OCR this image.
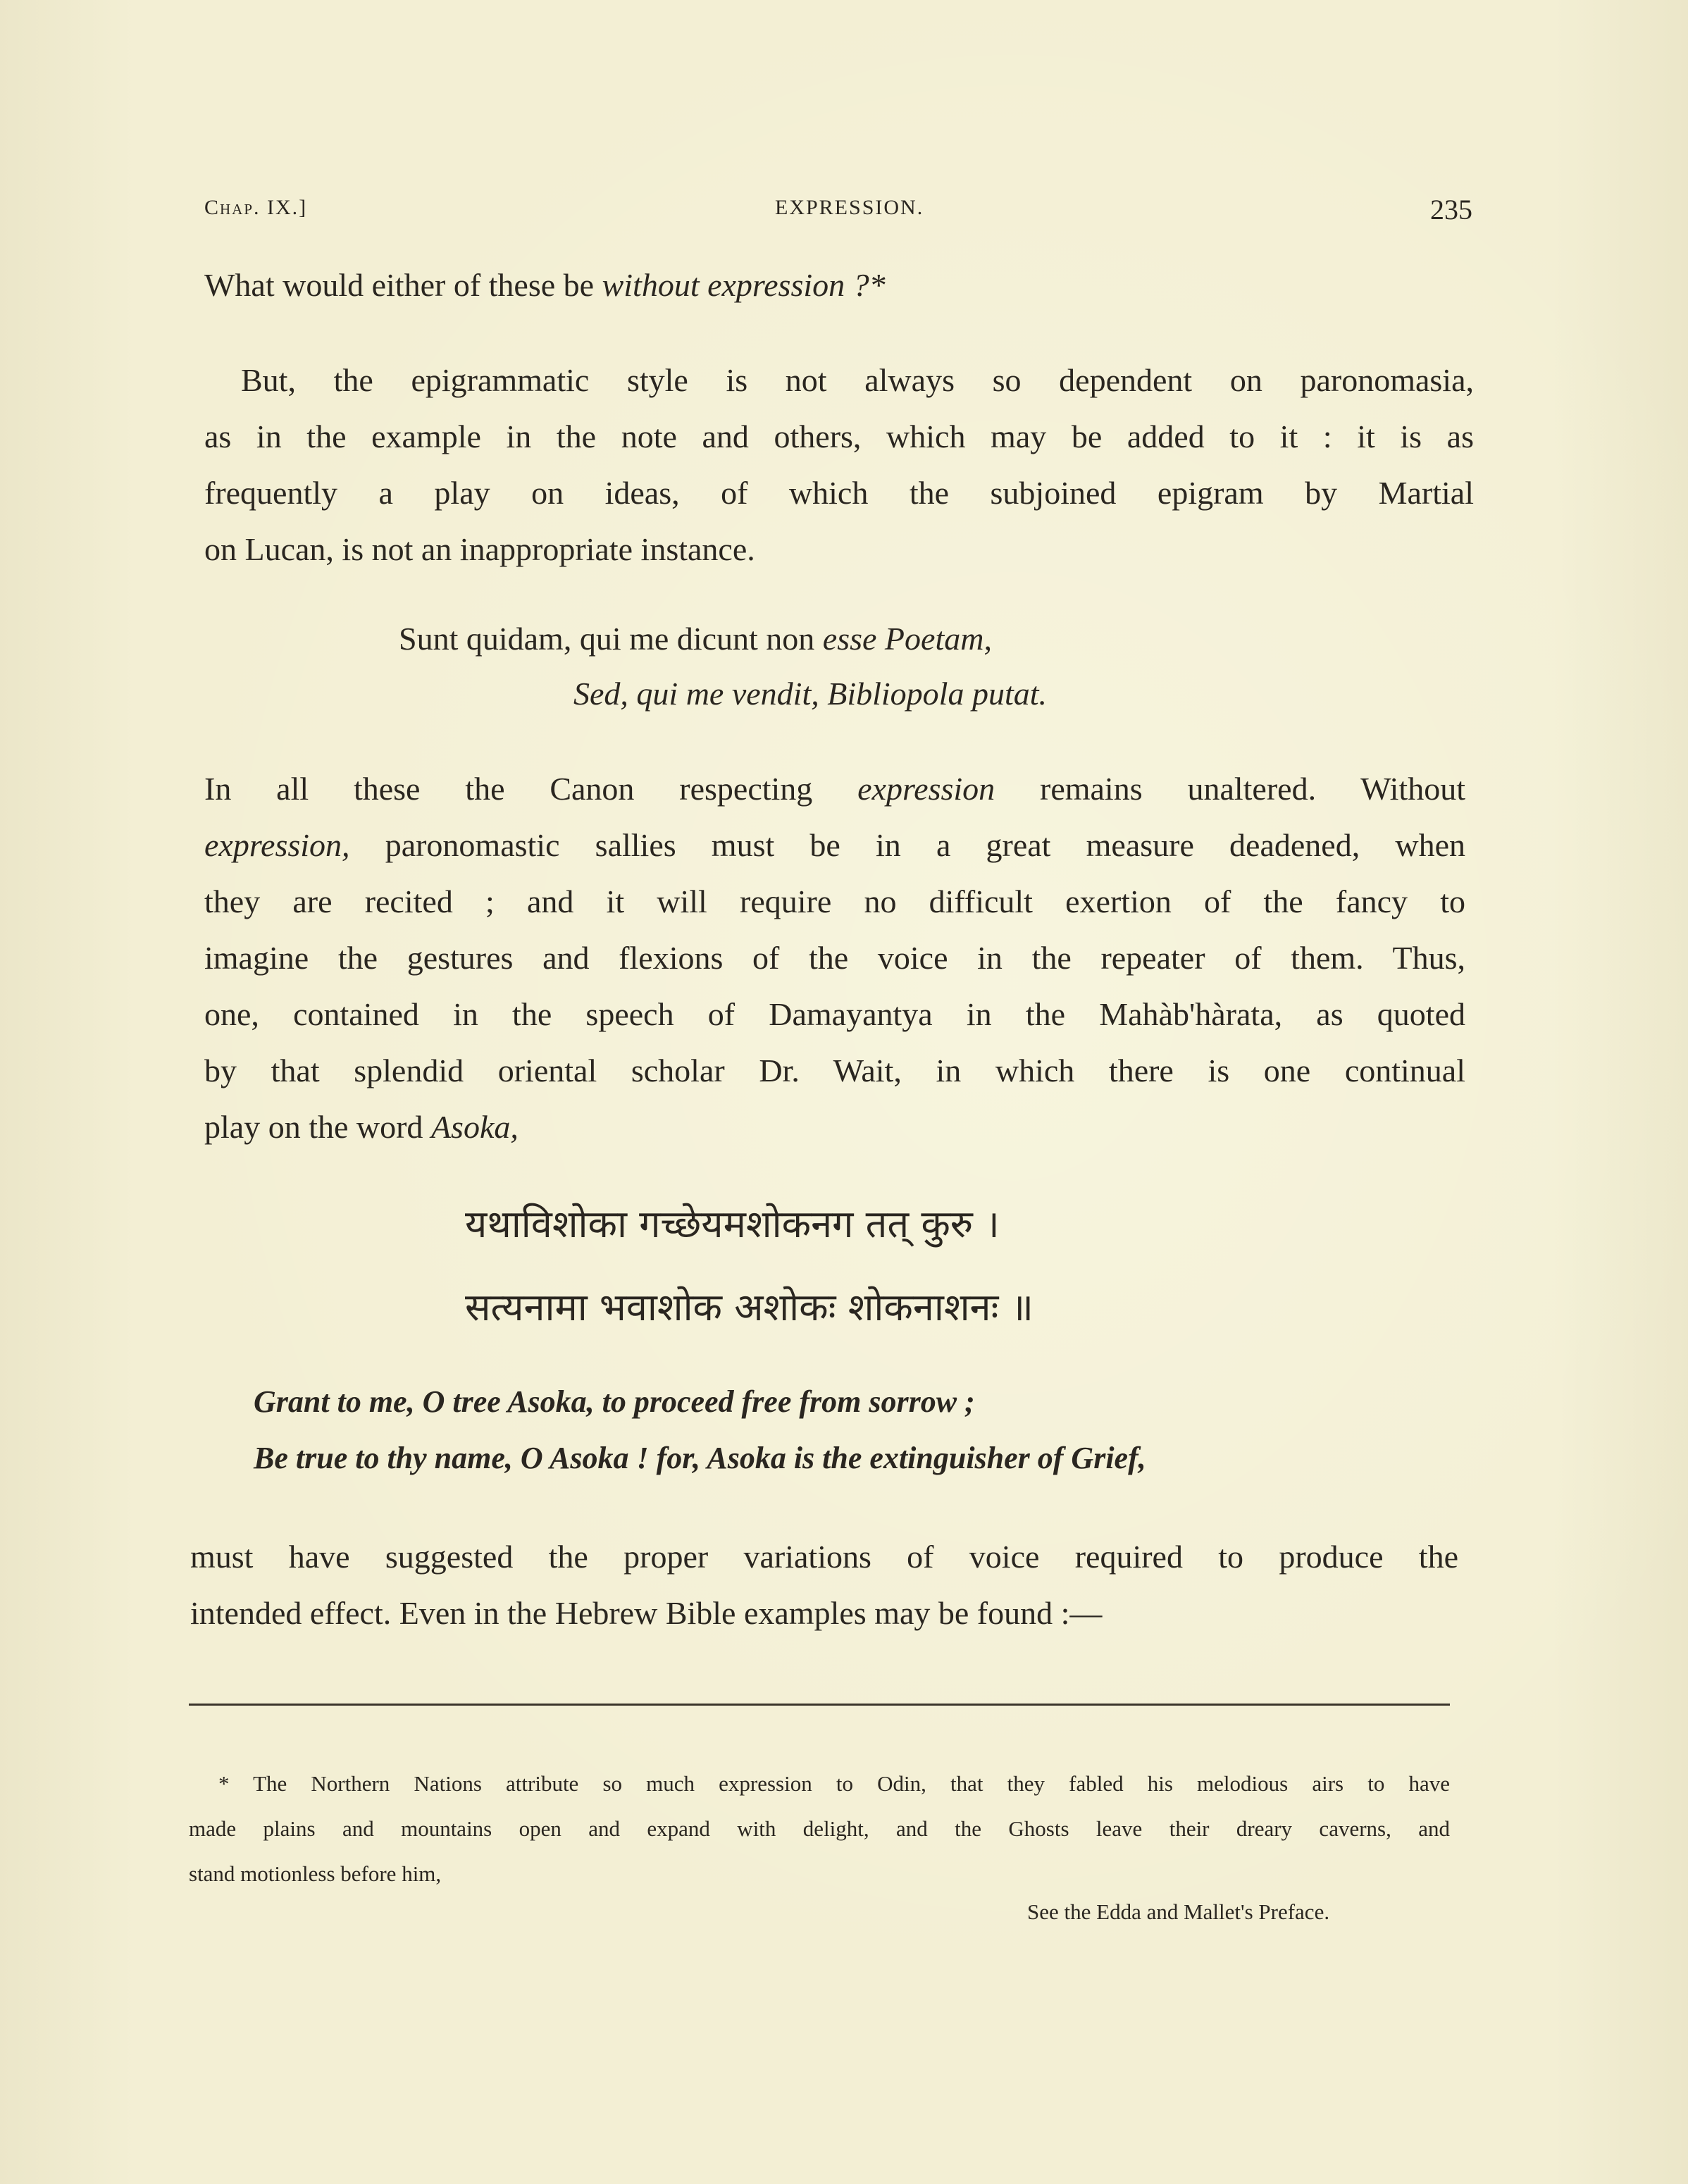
Chap. IX.]	EXPRESSION.	235
What would either of these be without expression ?*
But, the epigrammatic style is not always so dependent on paronomasia,
as in the example in the note and others, which may be added to it : it is as
frequently a play on ideas, of which the subjoined epigram by Martial
on Lucan, is not an inappropriate instance.
Sunt quidam, qui me dicunt non esse Poetam,
Sed, qui me vendit, Bibliopola putat.
In all these the Canon respecting expression remains unaltered. Without
expression, paronomastic sallies must be in a great measure deadened, when
they are recited ; and it will require no difficult exertion of the fancy to
imagine the gestures and flexions of the voice in the repeater of them. Thus,
one, contained in the speech of Damayantya in the Mahàb'hàrata, as quoted
by that splendid oriental scholar Dr. Wait, in which there is one continual
play on the word Asoka,
यथाविशोका गच्छेयमशोकनग तत् कुरु ।
सत्यनामा भवाशोक अशोकः शोकनाशनः ॥
Grant to me, O tree Asoka, to proceed free from sorrow ;
Be true to thy name, O Asoka ! for, Asoka is the extinguisher of Grief,
must have suggested the proper variations of voice required to produce the
intended effect. Even in the Hebrew Bible examples may be found :—
* The Northern Nations attribute so much expression to Odin, that they fabled his melodious airs to have
made plains and mountains open and expand with delight, and the Ghosts leave their dreary caverns, and
stand motionless before him,
See the Edda and Mallet's Preface.
